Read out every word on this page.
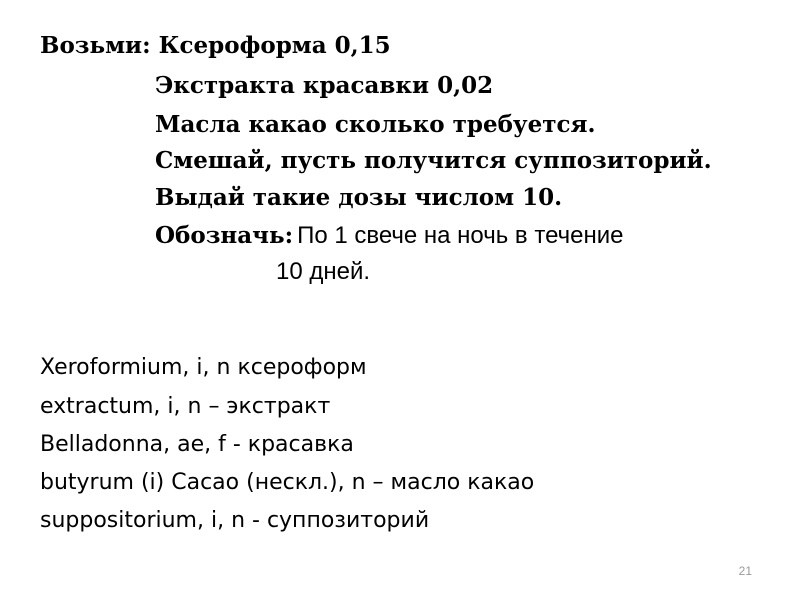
Возьми: Ксероформа 0,15
Экстракта красавки 0,02
Масла какао сколько требуется.
Смешай, пусть получится суппозиторий.
Выдай такие дозы числом 10.
Обозначь: По 1 свече на ночь в течение
10 дней.
Xeroformium, i, n ксероформ
extractum, i, n – экстракт
Belladonna, ae, f - красавка
butyrum (i) Cacao (нескл.), n – масло какао
suppositorium, i, n - суппозиторий
21
